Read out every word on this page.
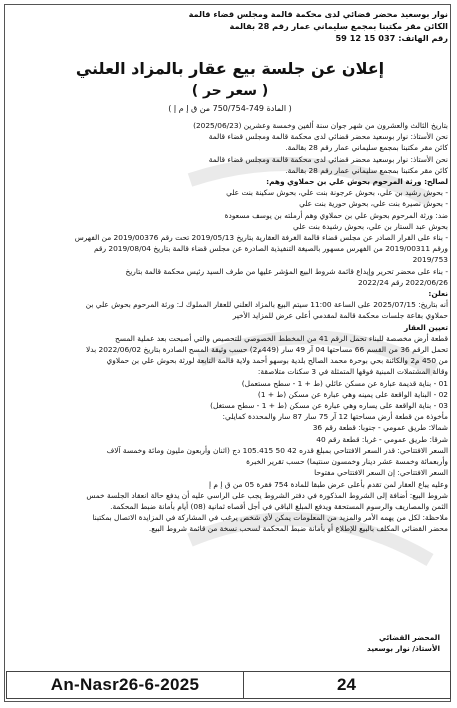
نوار بوسعيد محضر قضائي لدى محكمة قالمة ومجلس قضاء قالمة
الكائن مقر مكتبنا بمجمع سليماني عمار رقم 28 بقالمة
رقم الهاتف: 037 15 12 59
إعلان عن جلسة بيع عقار بالمزاد العلني
( سعر حر )
( المادة 749-750/754 من ق إ م إ )
بتاريخ الثالث والعشرون من شهر جوان سنة ألفين وخمسة وعشرين (2025/06/23)
نحن الأستاذ: نوار بوسعيد محضر قضائي لدى محكمة قالمة ومجلس قضاء قالمة
كائن مقر مكتبنا بمجمع سليماني عمار رقم 28 بقالمة.
نحن الأستاذ: نوار بوسعيد محضر قضائي لدى محكمة قالمة ومجلس قضاء قالمة
كائن مقر مكتبنا بمجمع سليماني عمار رقم 28 بقالمة.
لصالح: ورثة المرحوم بحوش علي بن حملاوي وهم:
- بحوش رشيد بن علي، بحوش عرجونة بنت علي، بحوش سكينة بنت علي
- بحوش نصيرة بنت علي، بحوش حورية بنت علي
ضد: ورثة المرحوم بحوش علي بن حملاوي وهم أرملته بن يوسف مسعودة
بحوش عبد الستار بن علي، بحوش رشيدة بنت علي
- بناء على القرار الصادر عن مجلس قضاء قالمة الغرفة العقارية بتاريخ 2019/05/13 تحت رقم 2019/00376 من الفهرس
ورقم 2019/00311 من الفهرس مسهور بالصيغة التنفيذية الصادرة عن مجلس قضاء قالمة بتاريخ 2019/08/04 رقم
2019/753
- بناء على محضر تحرير وإيداع قائمة شروط البيع المؤشر عليها من طرف السيد رئيس محكمة قالمة بتاريخ
2022/06/26 رقم 2022/24
نعلن:
أنه بتاريخ: 2025/07/15 على الساعة 11:00 سيتم البيع بالمزاد العلني للعقار المملوك لـ: ورثة المرحوم بحوش علي بن
حملاوي بقاعة جلسات محكمة قالمة لمقدمي أعلى عرض للمزايد الأخير
تعيين العقار
قطعة أرض مخصصة للبناء تحمل الرقم 41 من المخطط الخصوصي للتحصيص والتي أصبحت بعد عملية المسح
تحمل الرقم 36 من القسم 66 مساحتها 04 آر 49 سار (449م2) حسب وثيقة المسح الصادرة بتاريخ 2022/06/02 بدلا
من 450 م2 والكائنة بحي بوحرة محمد الصالح بلدية بوسهو أحمد ولاية قالمة التابعة لورثة بحوش علي بن حملاوي
وقالة المشتملات المبنية فوقها المتمثلة في 3 سكنات متلاصقة:
01 - بناية قديمة عبارة عن مسكن عائلي (ط + 1 - سطح مستعمل)
02 - البناية الواقعة على يمينه وهي عبارة عن مسكن (ط + 1)
03 - بناية الواقعة على يساره وهي عبارة عن مسكن (ط + 1 - سطح مستغل)
مأخوذة من قطعة أرض مساحتها 12 آر 75 سار 87 سار والمحددة كمايلي:
شمالا: طريق عمومي - جنوبا: قطعة رقم 36
شرقا: طريق عمومي - غربا: قطعة رقم 40
السعر الافتتاحي: قدر السعر الافتتاحي بمبلغ قدره 42 50 105.415 دج (اثنان وأربعون مليون ومائة وخمسة آلاف
وأربعمائة وخمسة عشر دينار وخمسون سنتيما) حسب تقرير الخبرة
السعر الافتتاحي: إن السعر الافتتاحي مفتوحا
وعليه يباع العقار لمن تقدم بأعلى عرض طبقا للمادة 754 فقرة 05 من ق إ م إ
شروط البيع: أضافة إلى الشروط المذكورة في دفتر الشروط يجب على الراسي عليه أن يدفع حالة انعقاد الجلسة خمس
الثمن والمصاريف والرسوم المستحقة ويدفع المبلغ الباقي في أجل أقصاه ثمانية (08) أيام بأمانة ضبط المحكمة.
ملاحظة: لكل من يهمه الأمر والمزيد من المعلومات يمكن لأي شخص يرغب في المشاركة في المزايدة الاتصال بمكتبنا
محضر القضائي المكلف بالبيع للإطلاع أو بأمانة ضبط المحكمة لسحب نسخة من قائمة شروط البيع.
المحضر القضائي
الأستاذ/ نوار بوسعيد
An-Nasr26-6-2025	24
